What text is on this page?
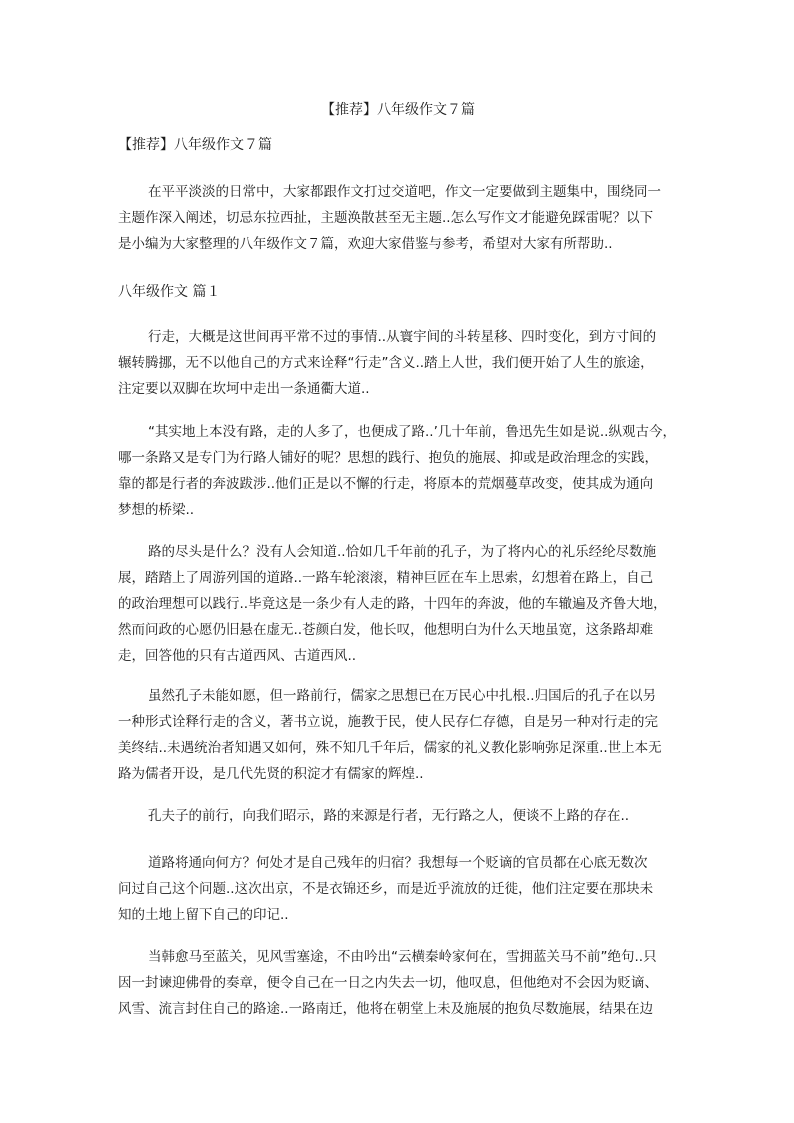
【推荐】八年级作文７篇
【推荐】八年级作文７篇
在平平淡淡的日常中，大家都跟作文打过交道吧，作文一定要做到主题集中，围绕同一
主题作深入阐述，切忌东拉西扯，主题涣散甚至无主题..怎么写作文才能避免踩雷呢？以下
是小编为大家整理的八年级作文７篇，欢迎大家借鉴与参考，希望对大家有所帮助..
八年级作文 篇１
行走，大概是这世间再平常不过的事情..从寰宇间的斗转星移、四时变化，到方寸间的
辗转腾挪，无不以他自己的方式来诠释“行走”含义..踏上人世，我们便开始了人生的旅途，
注定要以双脚在坎坷中走出一条通衢大道..
“其实地上本没有路，走的人多了，也便成了路..’几十年前，鲁迅先生如是说..纵观古今，
哪一条路又是专门为行路人铺好的呢？思想的践行、抱负的施展、抑或是政治理念的实践，
靠的都是行者的奔波跋涉..他们正是以不懈的行走，将原本的荒烟蔓草改变，使其成为通向
梦想的桥梁..
路的尽头是什么？没有人会知道..恰如几千年前的孔子，为了将内心的礼乐经纶尽数施
展，踏踏上了周游列国的道路..一路车轮滚滚，精神巨匠在车上思索，幻想着在路上，自己
的政治理想可以践行..毕竟这是一条少有人走的路，十四年的奔波，他的车辙遍及齐鲁大地，
然而问政的心愿仍旧悬在虚无..苍颜白发，他长叹，他想明白为什么天地虽宽，这条路却难
走，回答他的只有古道西风、古道西风..
虽然孔子未能如愿，但一路前行，儒家之思想已在万民心中扎根..归国后的孔子在以另
一种形式诠释行走的含义，著书立说，施教于民，使人民存仁存德，自是另一种对行走的完
美终结..未遇统治者知遇又如何，殊不知几千年后，儒家的礼义教化影响弥足深重..世上本无
路为儒者开设，是几代先贤的积淀才有儒家的辉煌..
孔夫子的前行，向我们昭示，路的来源是行者，无行路之人，便谈不上路的存在..
道路将通向何方？何处才是自己残年的归宿？我想每一个贬谪的官员都在心底无数次
问过自己这个问题..这次出京，不是衣锦还乡，而是近乎流放的迁徙，他们注定要在那块未
知的土地上留下自己的印记..
当韩愈马至蓝关，见风雪塞途，不由吟出“云横秦岭家何在，雪拥蓝关马不前”绝句..只
因一封谏迎佛骨的奏章，便令自己在一日之内失去一切，他叹息，但他绝对不会因为贬谪、
风雪、流言封住自己的路途..一路南迁，他将在朝堂上未及施展的抱负尽数施展，结果在边
